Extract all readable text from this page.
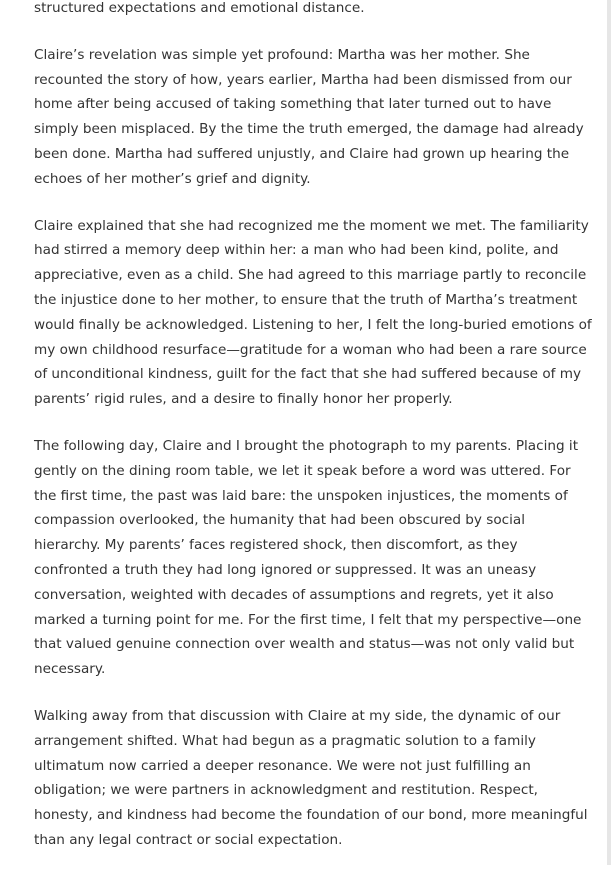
structured expectations and emotional distance.

Claire’s revelation was simple yet profound: Martha was her mother. She recounted the story of how, years earlier, Martha had been dismissed from our home after being accused of taking something that later turned out to have simply been misplaced. By the time the truth emerged, the damage had already been done. Martha had suffered unjustly, and Claire had grown up hearing the echoes of her mother’s grief and dignity.

Claire explained that she had recognized me the moment we met. The familiarity had stirred a memory deep within her: a man who had been kind, polite, and appreciative, even as a child. She had agreed to this marriage partly to reconcile the injustice done to her mother, to ensure that the truth of Martha’s treatment would finally be acknowledged. Listening to her, I felt the long-buried emotions of my own childhood resurface—gratitude for a woman who had been a rare source of unconditional kindness, guilt for the fact that she had suffered because of my parents’ rigid rules, and a desire to finally honor her properly.

The following day, Claire and I brought the photograph to my parents. Placing it gently on the dining room table, we let it speak before a word was uttered. For the first time, the past was laid bare: the unspoken injustices, the moments of compassion overlooked, the humanity that had been obscured by social hierarchy. My parents’ faces registered shock, then discomfort, as they confronted a truth they had long ignored or suppressed. It was an uneasy conversation, weighted with decades of assumptions and regrets, yet it also marked a turning point for me. For the first time, I felt that my perspective—one that valued genuine connection over wealth and status—was not only valid but necessary.

Walking away from that discussion with Claire at my side, the dynamic of our arrangement shifted. What had begun as a pragmatic solution to a family ultimatum now carried a deeper resonance. We were not just fulfilling an obligation; we were partners in acknowledgment and restitution. Respect, honesty, and kindness had become the foundation of our bond, more meaningful than any legal contract or social expectation.
